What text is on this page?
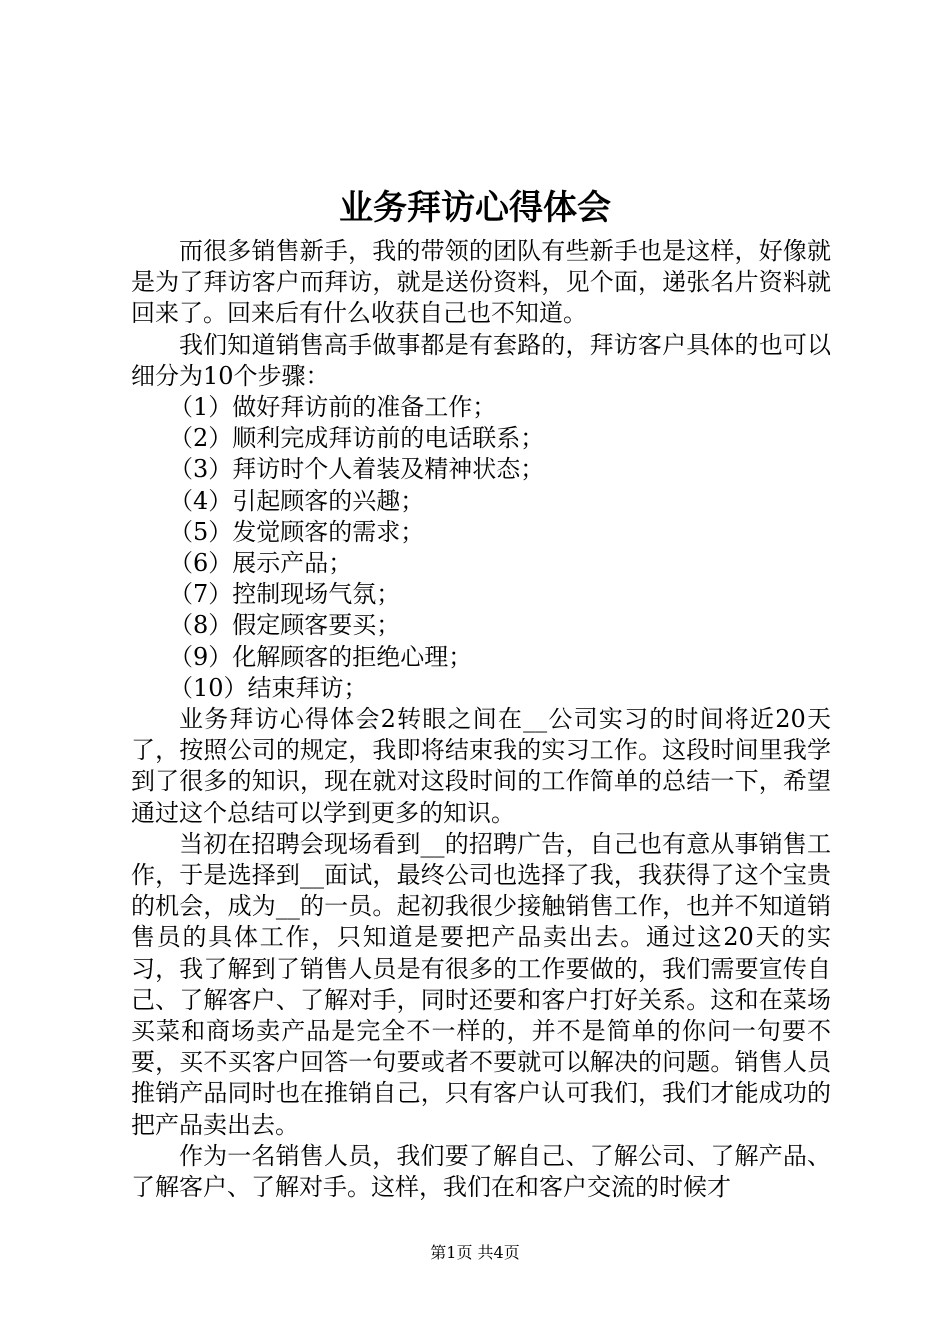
业务拜访心得体会

而很多销售新手，我的带领的团队有些新手也是这样，好像就是为了拜访客户而拜访，就是送份资料，见个面，递张名片资料就回来了。回来后有什么收获自己也不知道。

我们知道销售高手做事都是有套路的，拜访客户具体的也可以细分为10个步骤：

（1）做好拜访前的准备工作；

（2）顺利完成拜访前的电话联系；

（3）拜访时个人着装及精神状态；

（4）引起顾客的兴趣；

（5）发觉顾客的需求；

（6）展示产品；

（7）控制现场气氛；

（8）假定顾客要买；

（9）化解顾客的拒绝心理；

（10）结束拜访；

业务拜访心得体会2转眼之间在__公司实习的时间将近20天了，按照公司的规定，我即将结束我的实习工作。这段时间里我学到了很多的知识，现在就对这段时间的工作简单的总结一下，希望通过这个总结可以学到更多的知识。

当初在招聘会现场看到__的招聘广告，自己也有意从事销售工作，于是选择到__面试，最终公司也选择了我，我获得了这个宝贵的机会，成为__的一员。起初我很少接触销售工作，也并不知道销售员的具体工作，只知道是要把产品卖出去。通过这20天的实习，我了解到了销售人员是有很多的工作要做的，我们需要宣传自己、了解客户、了解对手，同时还要和客户打好关系。这和在菜场买菜和商场卖产品是完全不一样的，并不是简单的你问一句要不要，买不买客户回答一句要或者不要就可以解决的问题。销售人员推销产品同时也在推销自己，只有客户认可我们，我们才能成功的把产品卖出去。

作为一名销售人员，我们要了解自己、了解公司、了解产品、了解客户、了解对手。这样，我们在和客户交流的时候才

第1页 共4页
